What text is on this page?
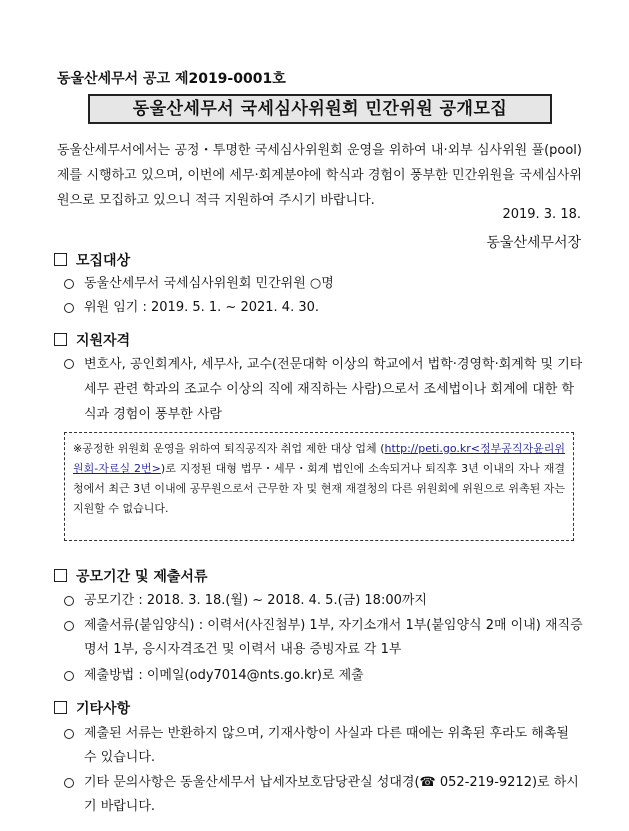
동울산세무서 공고 제2019-0001호
동울산세무서 국세심사위원회 민간위원 공개모집
동울산세무서에서는 공정・투명한 국세심사위원회 운영을 위하여 내·외부 심사위원 풀(pool)제를 시행하고 있으며, 이번에 세무·회계분야에 학식과 경험이 풍부한 민간위원을 국세심사위원으로 모집하고 있으니 적극 지원하여 주시기 바랍니다.
2019. 3. 18.
동울산세무서장
모집대상
동울산세무서 국세심사위원회 민간위원 ○명
위원 임기 : 2019. 5. 1. ~ 2021. 4. 30.
지원자격
변호사, 공인회계사, 세무사, 교수(전문대학 이상의 학교에서 법학·경영학·회계학 및 기타 세무 관련 학과의 조교수 이상의 직에 재직하는 사람)으로서 조세법이나 회계에 대한 학식과 경험이 풍부한 사람
※공정한 위원회 운영을 위하여 퇴직공직자 취업 제한 대상 업체 (http://peti.go.kr<정부공직자윤리위원회-자료실 2번>)로 지정된 대형 법무・세무・회계 법인에 소속되거나 퇴직후 3년 이내의 자나 재결청에서 최근 3년 이내에 공무원으로서 근무한 자 및 현재 재결청의 다른 위원회에 위원으로 위촉된 자는 지원할 수 없습니다.
공모기간 및 제출서류
공모기간 : 2018. 3. 18.(월) ~ 2018. 4. 5.(금) 18:00까지
제출서류(붙임양식) : 이력서(사진첨부) 1부, 자기소개서 1부(붙임양식 2매 이내) 재직증명서 1부, 응시자격조건 및 이력서 내용 증빙자료 각 1부
제출방법 : 이메일(ody7014@nts.go.kr)로 제출
기타사항
제출된 서류는 반환하지 않으며, 기재사항이 사실과 다른 때에는 위촉된 후라도 해촉될 수 있습니다.
기타 문의사항은 동울산세무서 납세자보호담당관실 성대경(☎ 052-219-9212)로 하시기 바랍니다.
